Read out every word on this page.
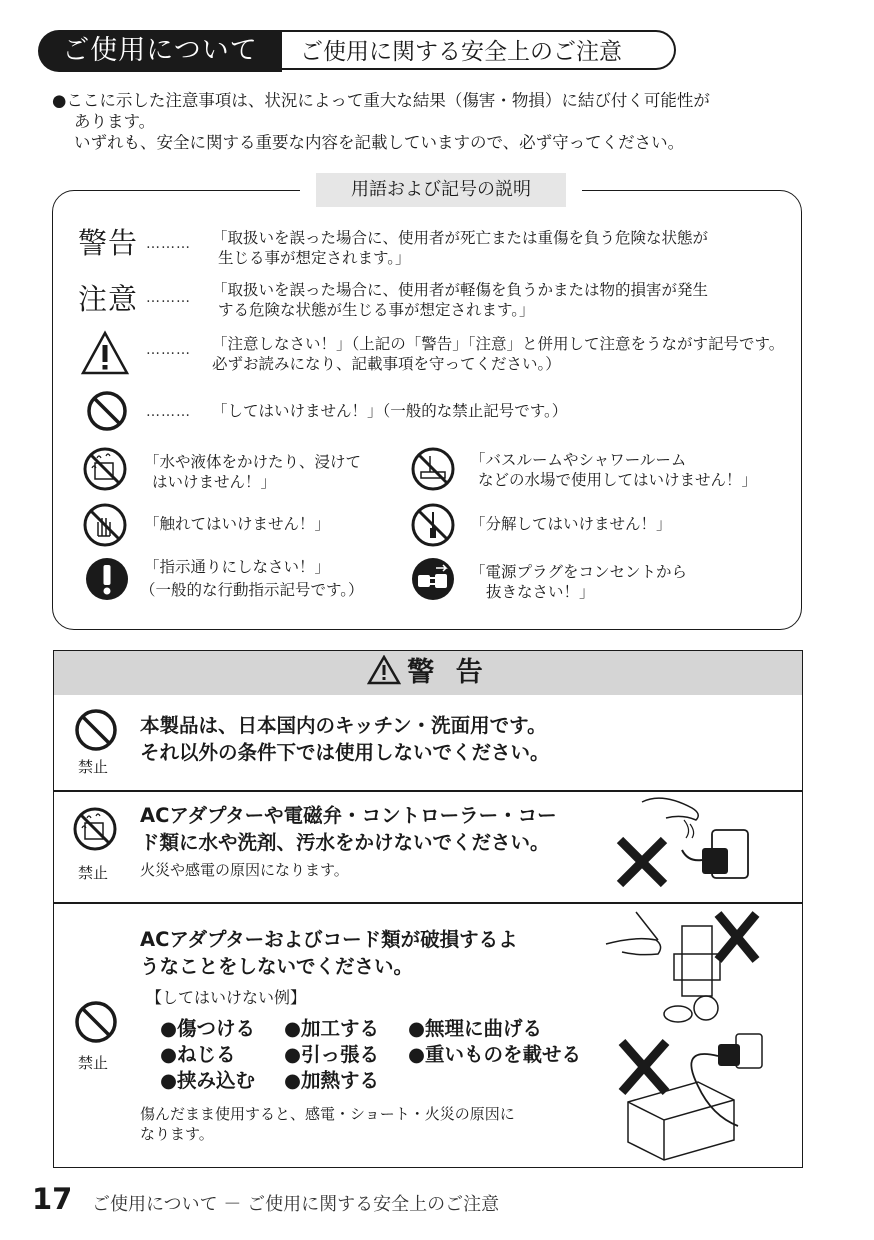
ご使用について	ご使用に関する安全上のご注意

●ここに示した注意事項は、状況によって重大な結果（傷害・物損）に結び付く可能性が

あります。

いずれも、安全に関する重要な内容を記載していますので、必ず守ってください。

用語および記号の説明
警告 ……… 「取扱いを誤った場合に、使用者が死亡または重傷を負う危険な状態が
生じる事が想定されます。」
注意 ……… 「取扱いを誤った場合に、使用者が軽傷を負うかまたは物的損害が発生
する危険な状態が生じる事が想定されます。」
……… 「注意しなさい！」（上記の「警告」「注意」と併用して注意をうながす記号です。
必ずお読みになり、記載事項を守ってください。）
……… 「してはいけません！」（一般的な禁止記号です。）
「水や液体をかけたり、浸けて
はいけません！」
「バスルームやシャワールーム
などの水場で使用してはいけません！」
「触れてはいけません！」	「分解してはいけません！」
「指示通りにしなさい！」
（一般的な行動指示記号です。）
「電源プラグをコンセントから
抜きなさい！」
警 告
禁止
本製品は、日本国内のキッチン・洗面用です。
それ以外の条件下では使用しないでください。
禁止
ACアダプターや電磁弁・コントローラー・コー
ド類に水や洗剤、汚水をかけないでください。
火災や感電の原因になります。
ACアダプターおよびコード類が破損するよ
うなことをしないでください。
【してはいけない例】
●傷つける ●加工する ●無理に曲げる
●ねじる ●引っ張る ●重いものを載せる
●挟み込む ●加熱する
傷んだまま使用すると、感電・ショート・火災の原因に
なります。
禁止
17 ご使用について － ご使用に関する安全上のご注意
